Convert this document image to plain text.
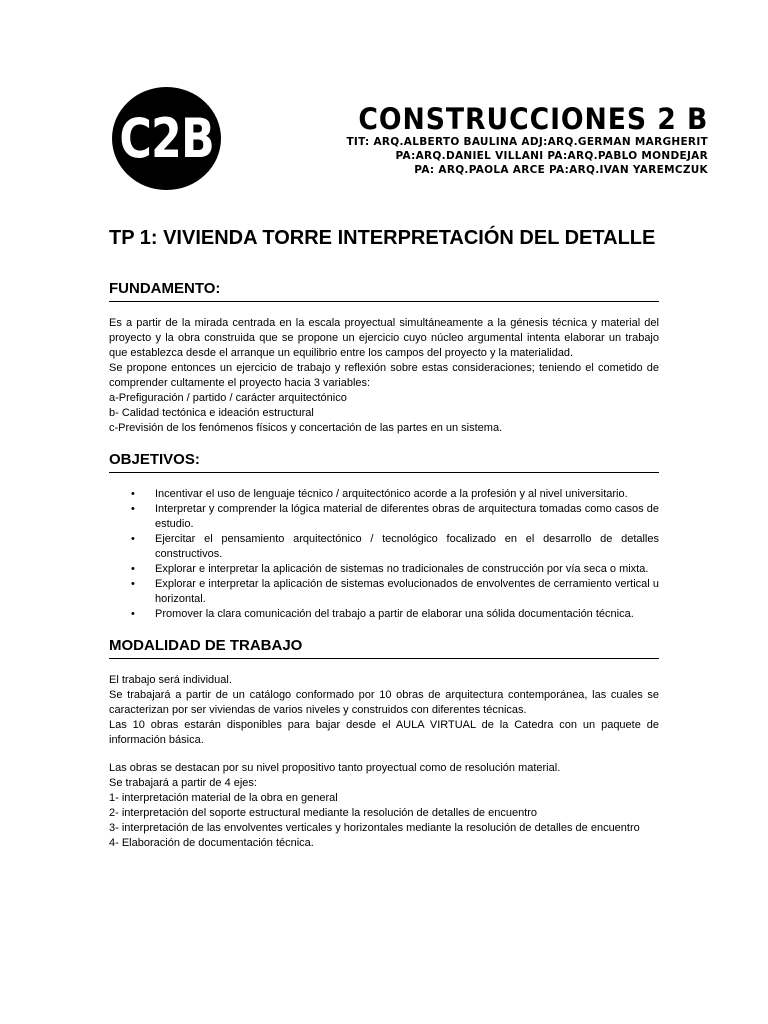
C2B	CONSTRUCCIONES 2 B
TIT: ARQ.ALBERTO BAULINA ADJ:ARQ.GERMAN MARGHERIT
PA:ARQ.DANIEL VILLANI PA:ARQ.PABLO MONDEJAR
PA: ARQ.PAOLA ARCE PA:ARQ.IVAN YAREMCZUK
TP 1: VIVIENDA TORRE INTERPRETACIÓN DEL DETALLE
FUNDAMENTO:

Es a partir de la mirada centrada en la escala proyectual simultáneamente a la génesis técnica y material del proyecto y la obra construida que se propone un ejercicio cuyo núcleo argumental intenta elaborar un trabajo que establezca desde el arranque un equilibrio entre los campos del proyecto y la materialidad.

Se propone entonces un ejercicio de trabajo y reflexión sobre estas consideraciones; teniendo el cometido de comprender cultamente el proyecto hacia 3 variables:

a-Prefiguración / partido / carácter arquitectónico

b- Calidad tectónica e ideación estructural

c-Previsión de los fenómenos físicos y concertación de las partes en un sistema.

OBJETIVOS:
• Incentivar el uso de lenguaje técnico / arquitectónico acorde a la profesión y al nivel universitario.
• Interpretar y comprender la lógica material de diferentes obras de arquitectura tomadas como casos de estudio.
• Ejercitar el pensamiento arquitectónico / tecnológico focalizado en el desarrollo de detalles constructivos.
• Explorar e interpretar la aplicación de sistemas no tradicionales de construcción por vía seca o mixta.
• Explorar e interpretar la aplicación de sistemas evolucionados de envolventes de cerramiento vertical u horizontal.
• Promover la clara comunicación del trabajo a partir de elaborar una sólida documentación técnica.
MODALIDAD DE TRABAJO

El trabajo será individual.

Se trabajará a partir de un catálogo conformado por 10 obras de arquitectura contemporánea, las cuales se caracterizan por ser viviendas de varios niveles y construidos con diferentes técnicas.

Las 10 obras estarán disponibles para bajar desde el AULA VIRTUAL de la Catedra con un paquete de información básica.

Las obras se destacan por su nivel propositivo tanto proyectual como de resolución material.

Se trabajará a partir de 4 ejes:

1- interpretación material de la obra en general

2- interpretación del soporte estructural mediante la resolución de detalles de encuentro

3- interpretación de las envolventes verticales y horizontales mediante la resolución de detalles de encuentro

4- Elaboración de documentación técnica.
